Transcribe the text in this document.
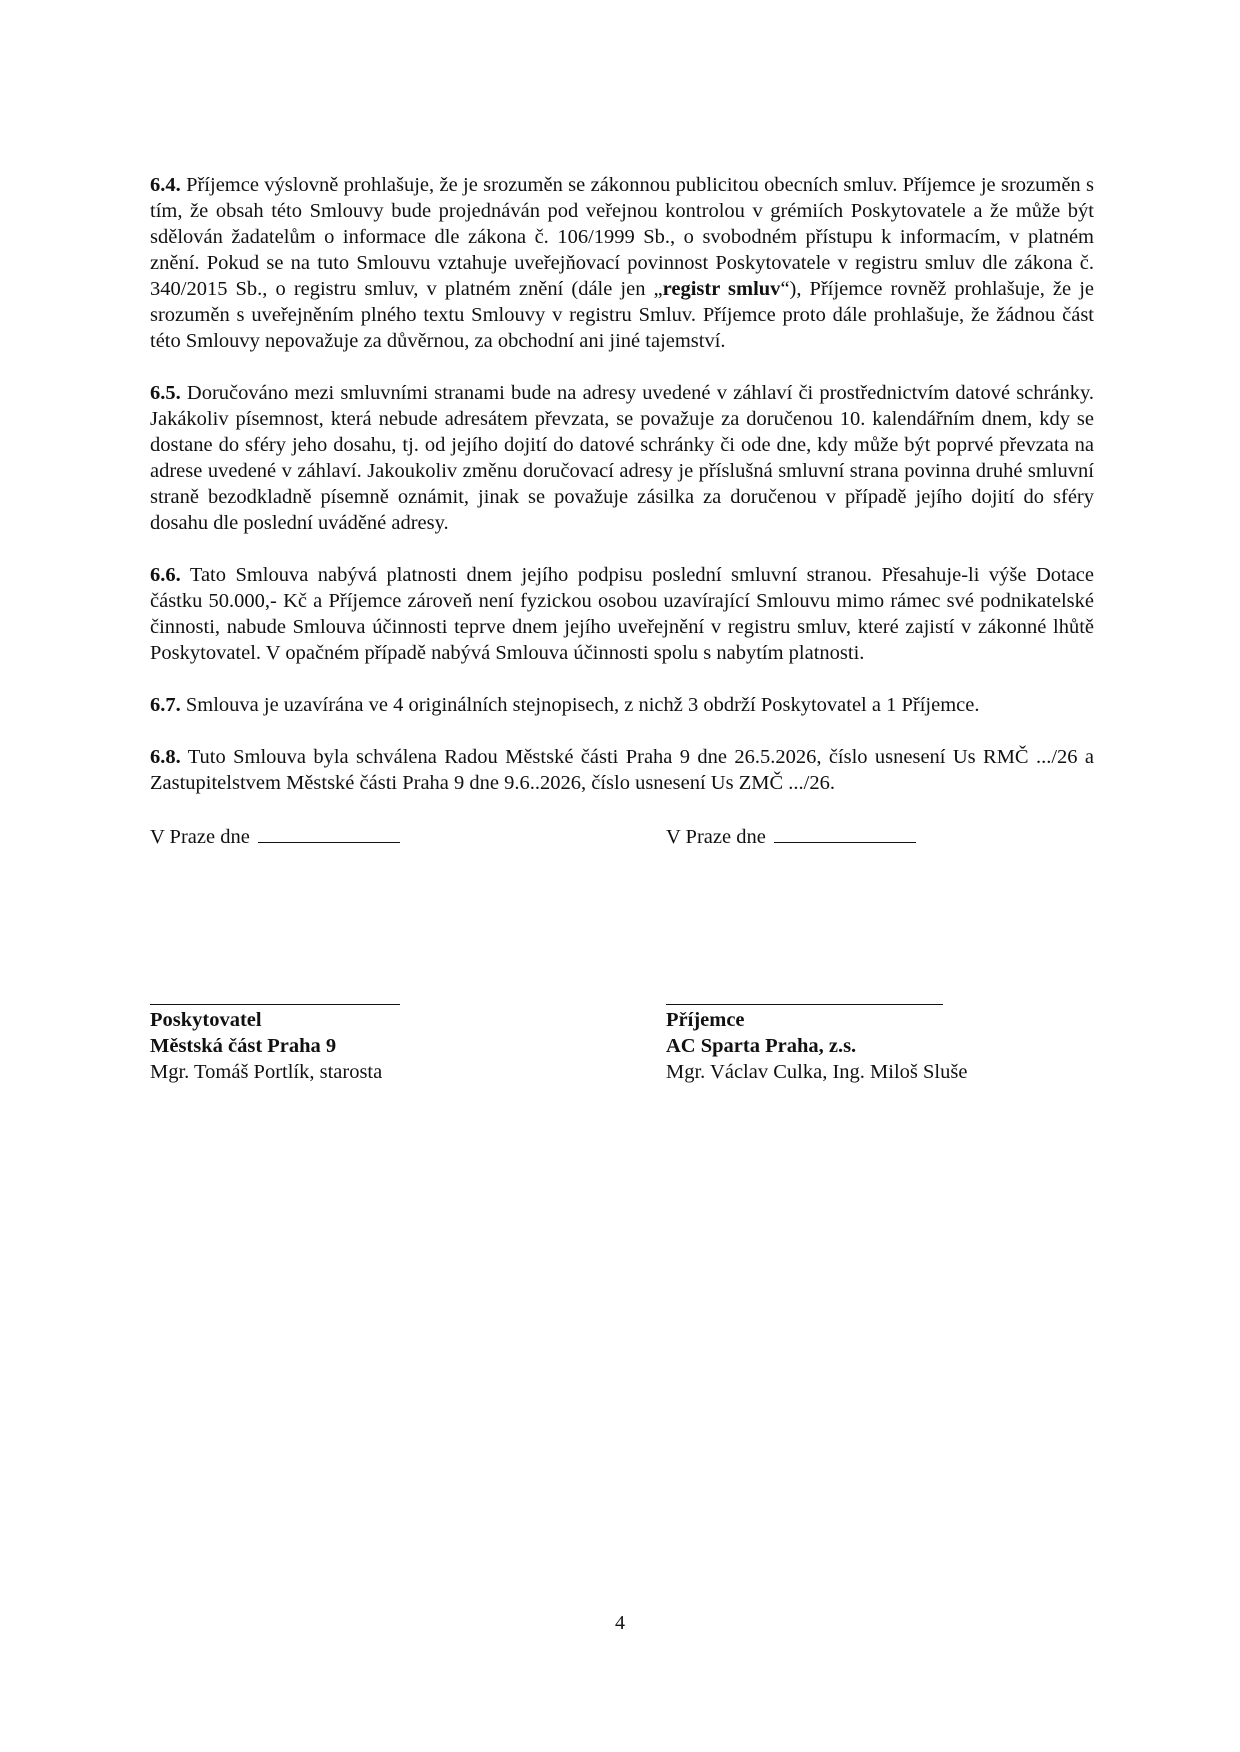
6.4. Příjemce výslovně prohlašuje, že je srozuměn se zákonnou publicitou obecních smluv. Příjemce je srozuměn s tím, že obsah této Smlouvy bude projednáván pod veřejnou kontrolou v grémiích Poskytovatele a že může být sdělován žadatelům o informace dle zákona č. 106/1999 Sb., o svobodném přístupu k informacím, v platném znění. Pokud se na tuto Smlouvu vztahuje uveřejňovací povinnost Poskytovatele v registru smluv dle zákona č. 340/2015 Sb., o registru smluv, v platném znění (dále jen „registr smluv“), Příjemce rovněž prohlašuje, že je srozuměn s uveřejněním plného textu Smlouvy v registru Smluv. Příjemce proto dále prohlašuje, že žádnou část této Smlouvy nepovažuje za důvěrnou, za obchodní ani jiné tajemství.

6.5. Doručováno mezi smluvními stranami bude na adresy uvedené v záhlaví či prostřednictvím datové schránky. Jakákoliv písemnost, která nebude adresátem převzata, se považuje za doručenou 10. kalendářním dnem, kdy se dostane do sféry jeho dosahu, tj. od jejího dojití do datové schránky či ode dne, kdy může být poprvé převzata na adrese uvedené v záhlaví. Jakoukoliv změnu doručovací adresy je příslušná smluvní strana povinna druhé smluvní straně bezodkladně písemně oznámit, jinak se považuje zásilka za doručenou v případě jejího dojití do sféry dosahu dle poslední uváděné adresy.

6.6. Tato Smlouva nabývá platnosti dnem jejího podpisu poslední smluvní stranou. Přesahuje-li výše Dotace částku 50.000,- Kč a Příjemce zároveň není fyzickou osobou uzavírající Smlouvu mimo rámec své podnikatelské činnosti, nabude Smlouva účinnosti teprve dnem jejího uveřejnění v registru smluv, které zajistí v zákonné lhůtě Poskytovatel. V opačném případě nabývá Smlouva účinnosti spolu s nabytím platnosti.

6.7. Smlouva je uzavírána ve 4 originálních stejnopisech, z nichž 3 obdrží Poskytovatel a 1 Příjemce.

6.8. Tuto Smlouva byla schválena Radou Městské části Praha 9 dne 26.5.2026, číslo usnesení Us RMČ .../26 a Zastupitelstvem Městské části Praha 9 dne 9.6..2026, číslo usnesení Us ZMČ .../26.

V Praze dne	V Praze dne
Poskytovatel
Městská část Praha 9
Mgr. Tomáš Portlík, starosta
Příjemce
AC Sparta Praha, z.s.
Mgr. Václav Culka, Ing. Miloš Sluše
4
